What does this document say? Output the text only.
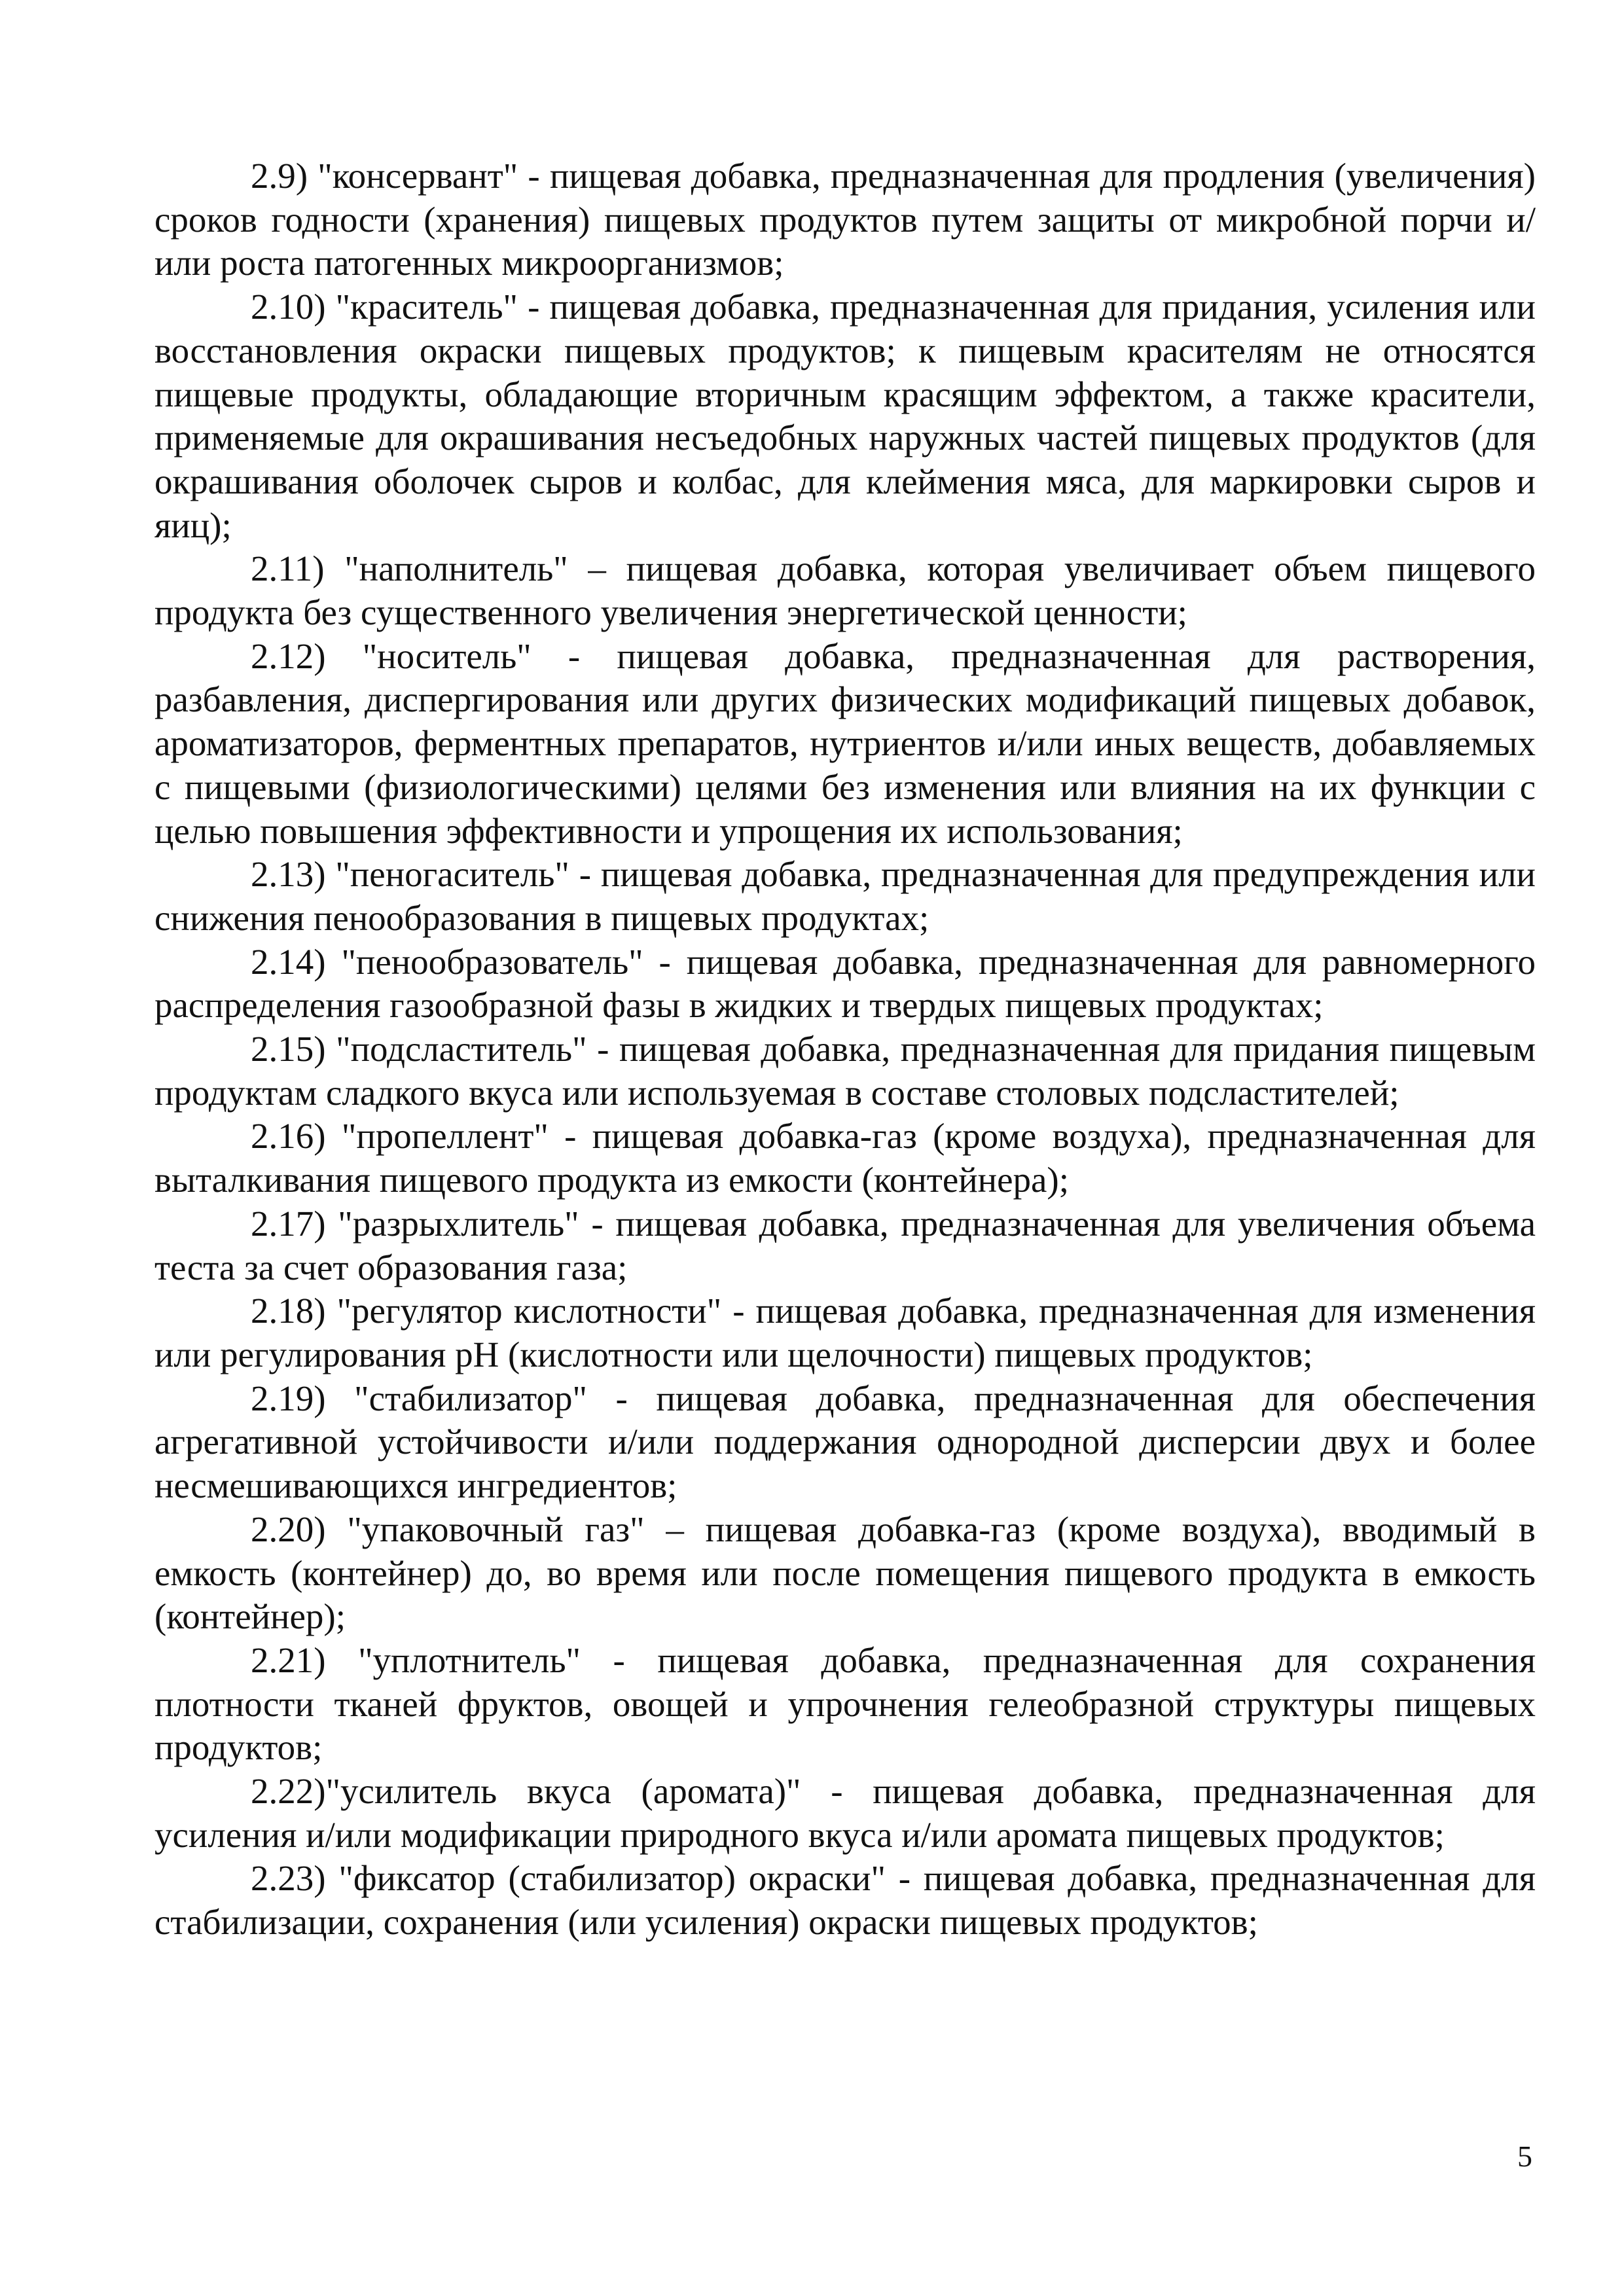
2.9) "консервант" - пищевая добавка, предназначенная для продления (увеличения) сроков годности (хранения) пищевых продуктов путем защиты от микробной порчи и/или роста патогенных микроорганизмов;

2.10) "краситель" - пищевая добавка, предназначенная для придания, усиления или восстановления окраски пищевых продуктов; к пищевым красителям не относятся пищевые продукты, обладающие вторичным красящим эффектом, а также красители, применяемые для окрашивания несъедобных наружных частей пищевых продуктов (для окрашивания оболочек сыров и колбас, для клеймения мяса, для маркировки сыров и яиц);

2.11) "наполнитель" – пищевая добавка, которая увеличивает объем пищевого продукта без существенного увеличения энергетической ценности;

2.12) "носитель" - пищевая добавка, предназначенная для растворения, разбавления, диспергирования или других физических модификаций пищевых добавок, ароматизаторов, ферментных препаратов, нутриентов и/или иных веществ, добавляемых с пищевыми (физиологическими) целями без изменения или влияния на их функции с целью повышения эффективности и упрощения их использования;

2.13) "пеногаситель" - пищевая добавка, предназначенная для предупреждения или снижения пенообразования в пищевых продуктах;

2.14) "пенообразователь" - пищевая добавка, предназначенная для равномерного распределения газообразной фазы в жидких и твердых пищевых продуктах;

2.15) "подсластитель" - пищевая добавка, предназначенная для придания пищевым продуктам сладкого вкуса или используемая в составе столовых подсластителей;

2.16) "пропеллент" - пищевая добавка-газ (кроме воздуха), предназначенная для выталкивания пищевого продукта из емкости (контейнера);

2.17) "разрыхлитель" - пищевая добавка, предназначенная для увеличения объема теста за счет образования газа;

2.18) "регулятор кислотности" - пищевая добавка, предназначенная для изменения или регулирования pH (кислотности или щелочности) пищевых продуктов;

2.19) "стабилизатор" - пищевая добавка, предназначенная для обеспечения агрегативной устойчивости и/или поддержания однородной дисперсии двух и более несмешивающихся ингредиентов;

2.20) "упаковочный газ" – пищевая добавка-газ (кроме воздуха), вводимый в емкость (контейнер) до, во время или после помещения пищевого продукта в емкость (контейнер);

2.21) "уплотнитель" - пищевая добавка, предназначенная для сохранения плотности тканей фруктов, овощей и упрочнения гелеобразной структуры пищевых продуктов;

2.22)"усилитель вкуса (аромата)" - пищевая добавка, предназначенная для усиления и/или модификации природного вкуса и/или аромата пищевых продуктов;

2.23) "фиксатор (стабилизатор) окраски" - пищевая добавка, предназначенная для стабилизации, сохранения (или усиления) окраски пищевых продуктов;

5
